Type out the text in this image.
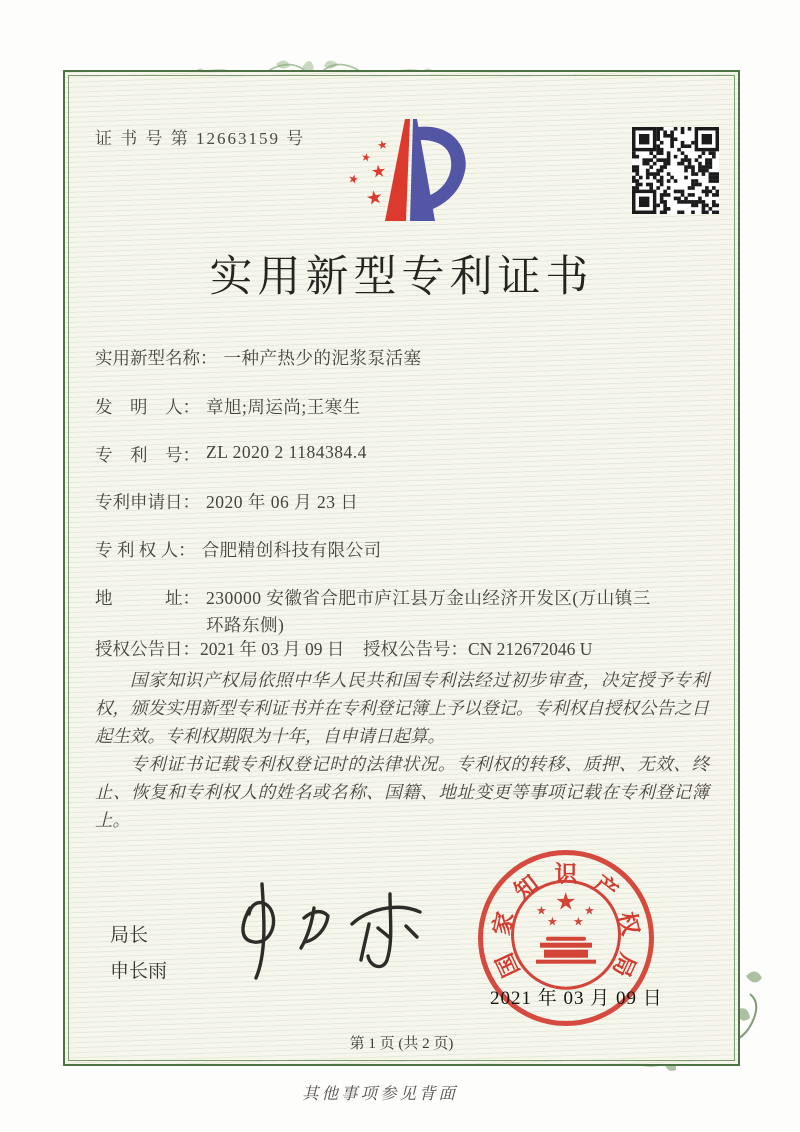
证 书 号 第 12663159 号	★
★
★
★
★
实用新型专利证书
实用新型名称： 一种产热少的泥浆泵活塞
发　明　人： 章旭;周运尚;王寒生
专　利　号： ZL 2020 2 1184384.4
专利申请日： 2020 年 06 月 23 日
专 利 权 人： 合肥精创科技有限公司
地　　　址： 230000 安徽省合肥市庐江县万金山经济开发区(万山镇三环路东侧)
授权公告日：2021 年 03 月 09 日 授权公告号：CN 212672046 U

国家知识产权局依照中华人民共和国专利法经过初步审查，决定授予专利权，颁发实用新型专利证书并在专利登记簿上予以登记。专利权自授权公告之日起生效。专利权期限为十年，自申请日起算。

专利证书记载专利权登记时的法律状况。专利权的转移、质押、无效、终止、恢复和专利权人的姓名或名称、国籍、地址变更等事项记载在专利登记簿上。

局长
申长雨	国
家
知 识 产
权
局
★
★
★
★
★
2021 年 03 月 09 日
第 1 页 (共 2 页)
其他事项参见背面
